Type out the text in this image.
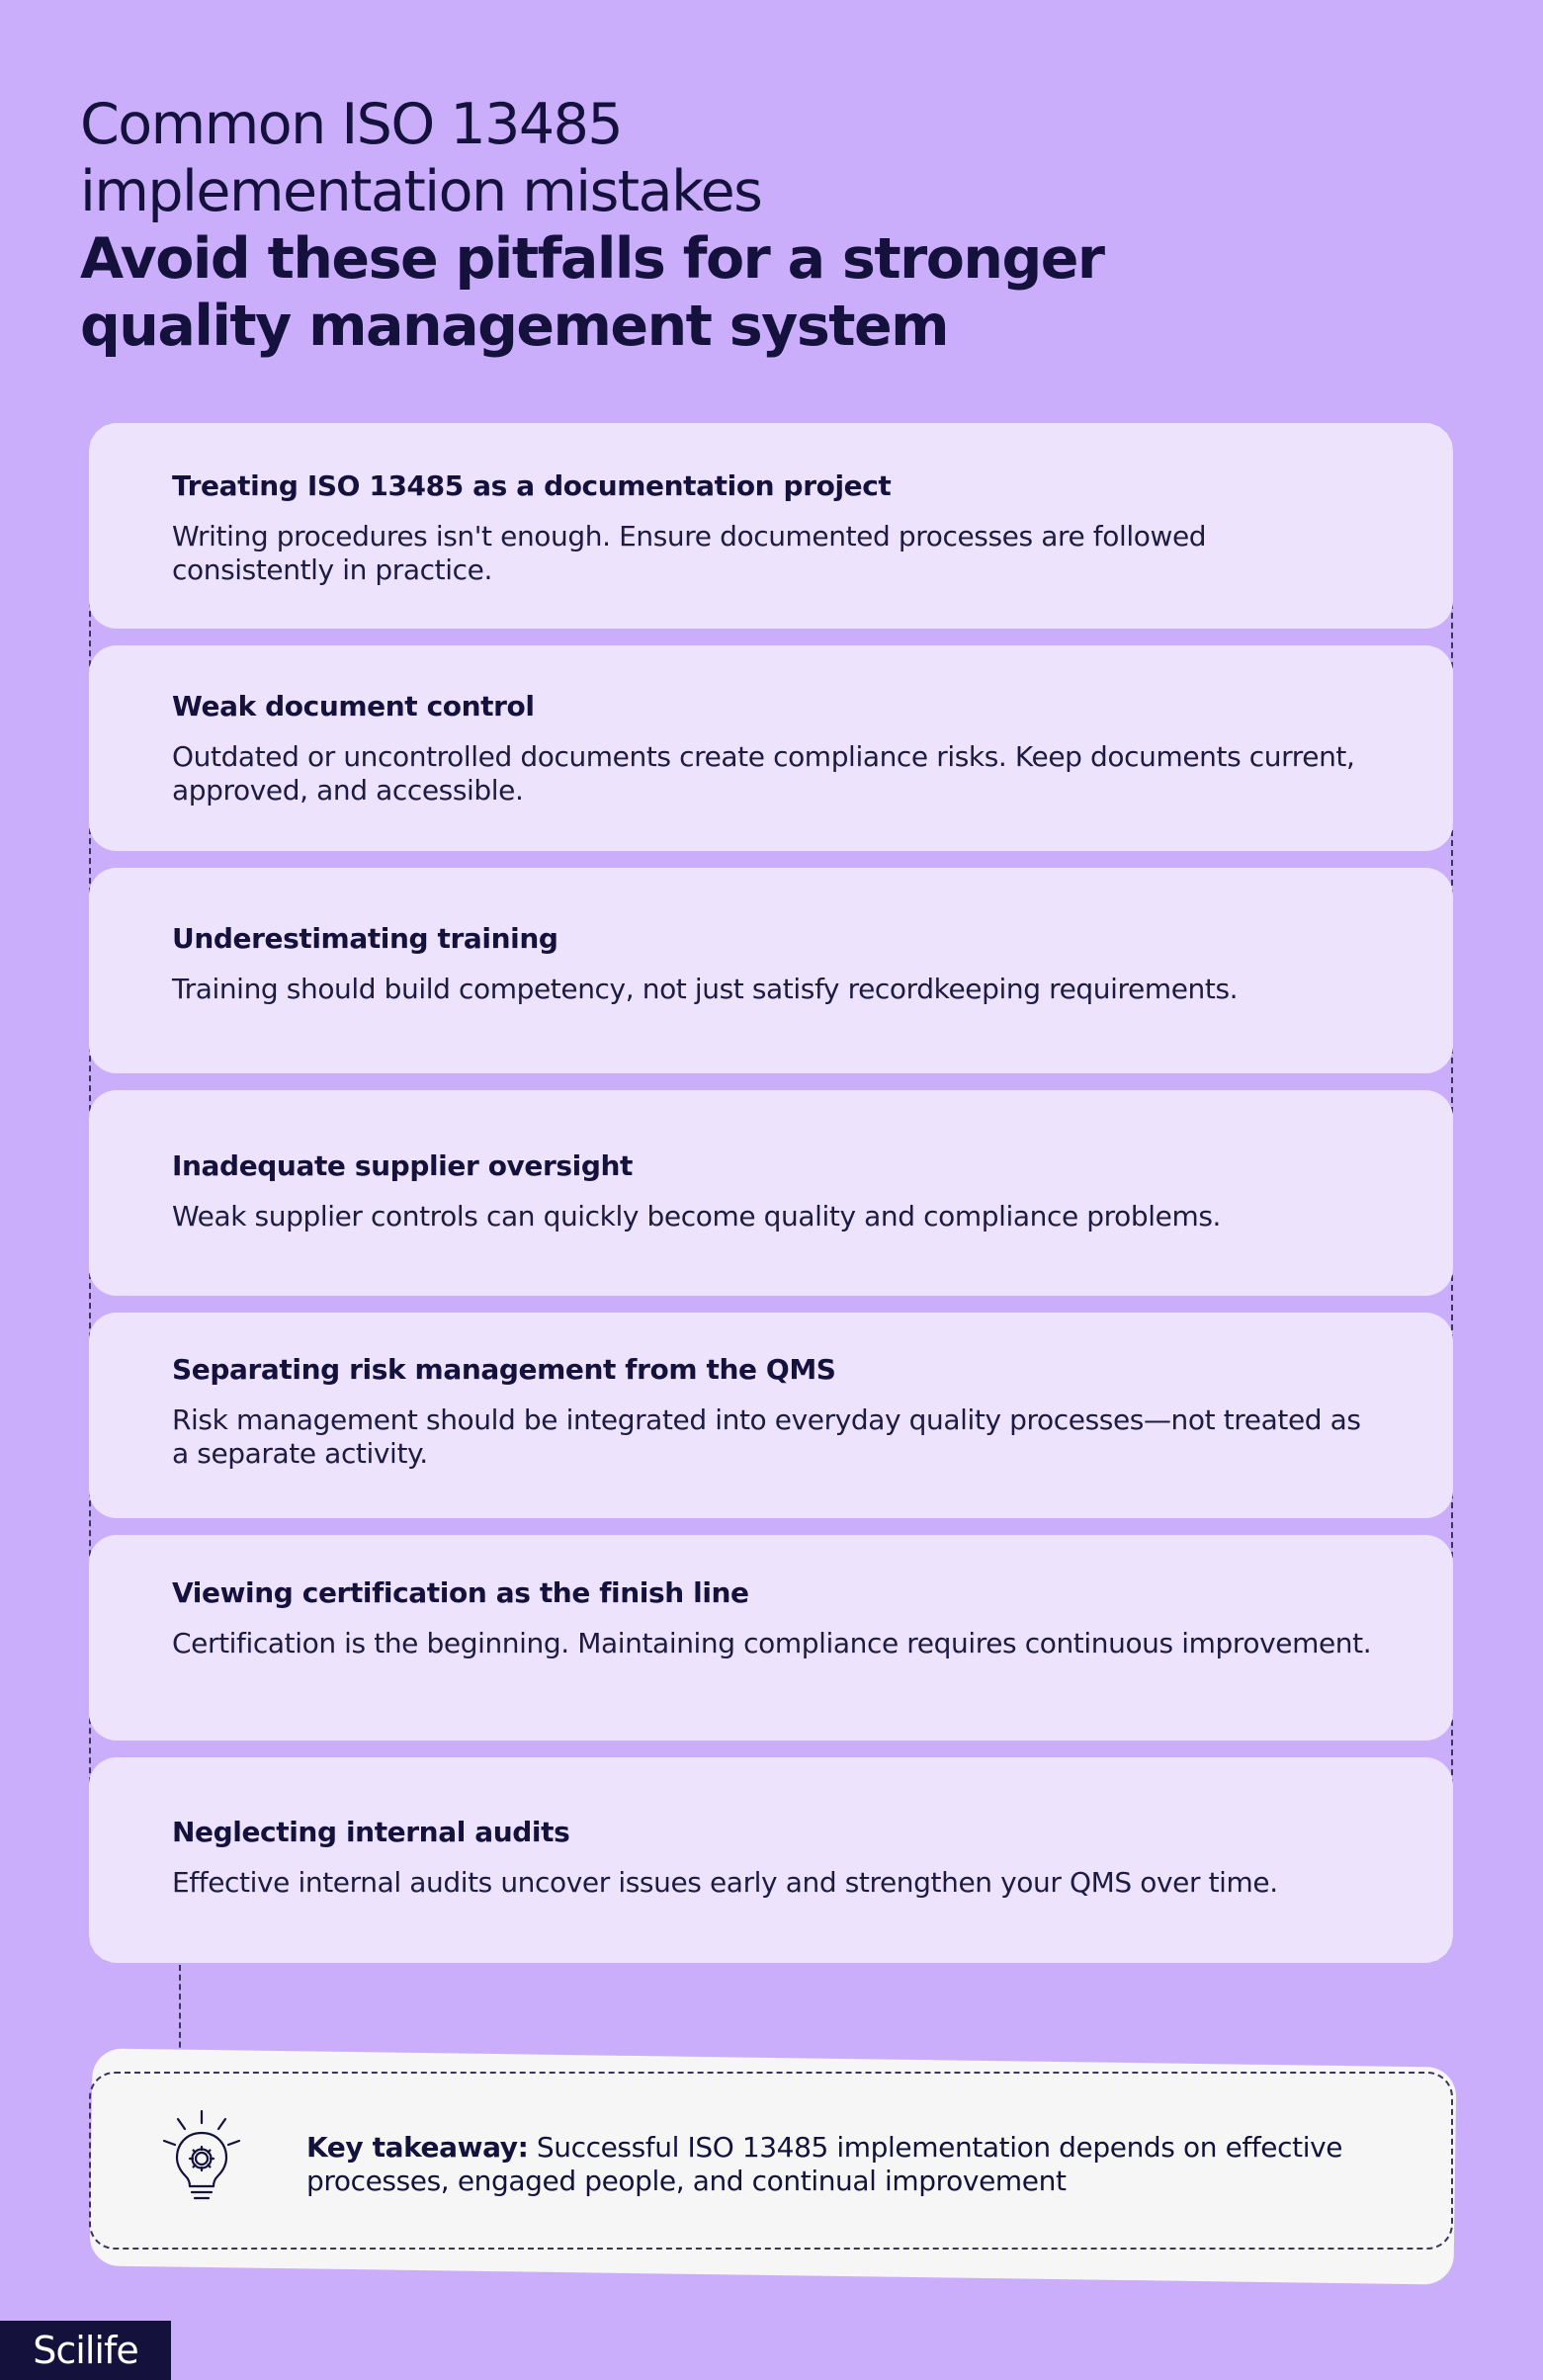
Common ISO 13485

implementation mistakes

Avoid these pitfalls for a stronger

quality management system

Treating ISO 13485 as a documentation project
Writing procedures isn't enough. Ensure documented processes are followed consistently in practice.
Weak document control
Outdated or uncontrolled documents create compliance risks. Keep documents current, approved, and accessible.
Underestimating training
Training should build competency, not just satisfy recordkeeping requirements.
Inadequate supplier oversight
Weak supplier controls can quickly become quality and compliance problems.
Separating risk management from the QMS
Risk management should be integrated into everyday quality processes—not treated as a separate activity.
Viewing certification as the finish line
Certification is the beginning. Maintaining compliance requires continuous improvement.
Neglecting internal audits
Effective internal audits uncover issues early and strengthen your QMS over time.
Key takeaway: Successful ISO 13485 implementation depends on effective processes, engaged people, and continual improvement
Scilife
